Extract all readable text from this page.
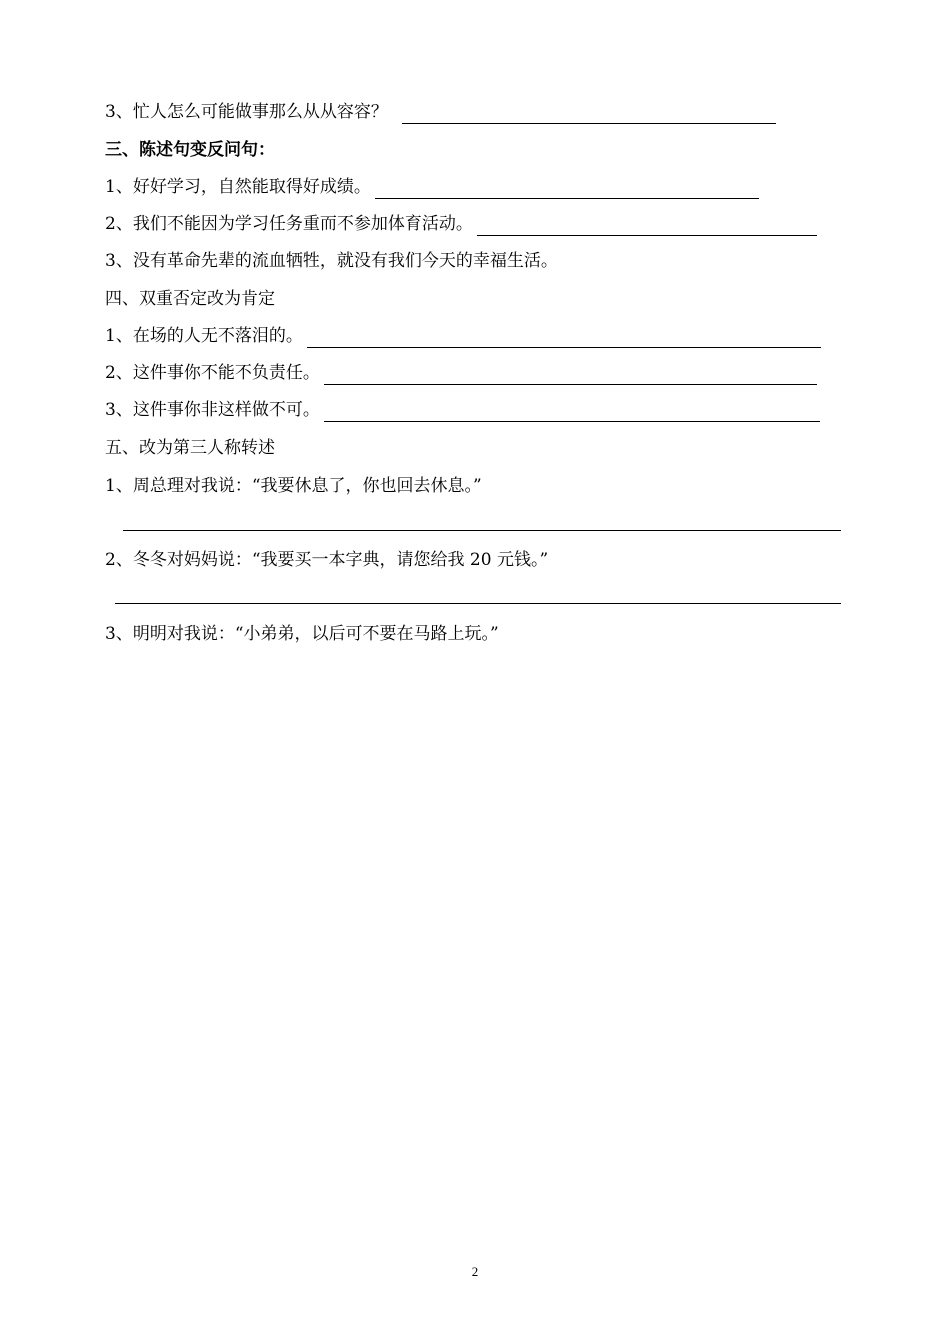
3、忙人怎么可能做事那么从从容容？
三、陈述句变反问句：
1、好好学习，自然能取得好成绩。
2、我们不能因为学习任务重而不参加体育活动。
3、没有革命先辈的流血牺牲，就没有我们今天的幸福生活。
四、双重否定改为肯定
1、在场的人无不落泪的。
2、这件事你不能不负责任。
3、这件事你非这样做不可。
五、改为第三人称转述
1、周总理对我说：“我要休息了，你也回去休息。”
2、冬冬对妈妈说：“我要买一本字典，请您给我 20 元钱。”
3、明明对我说：“小弟弟，以后可不要在马路上玩。”
2
